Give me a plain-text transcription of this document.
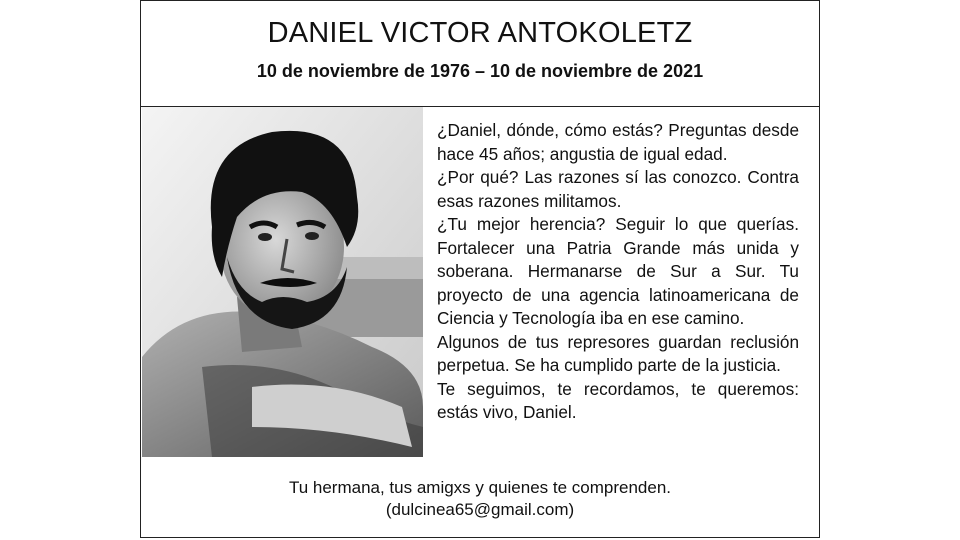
DANIEL VICTOR ANTOKOLETZ
10 de noviembre de 1976 – 10 de noviembre de 2021

¿Daniel, dónde, cómo estás? Preguntas desde hace 45 años; angustia de igual edad.

¿Por qué? Las razones sí las conozco. Contra esas razones militamos.

¿Tu mejor herencia? Seguir lo que querías. Fortalecer una Patria Grande más unida y soberana. Hermanarse de Sur a Sur. Tu proyecto de una agencia latinoamericana de Ciencia y Tecnología iba en ese camino.

Algunos de tus represores guardan reclusión perpetua. Se ha cumplido parte de la justicia.

Te seguimos, te recordamos, te queremos: estás vivo, Daniel.

Tu hermana, tus amigxs y quienes te comprenden.
(dulcinea65@gmail.com)
